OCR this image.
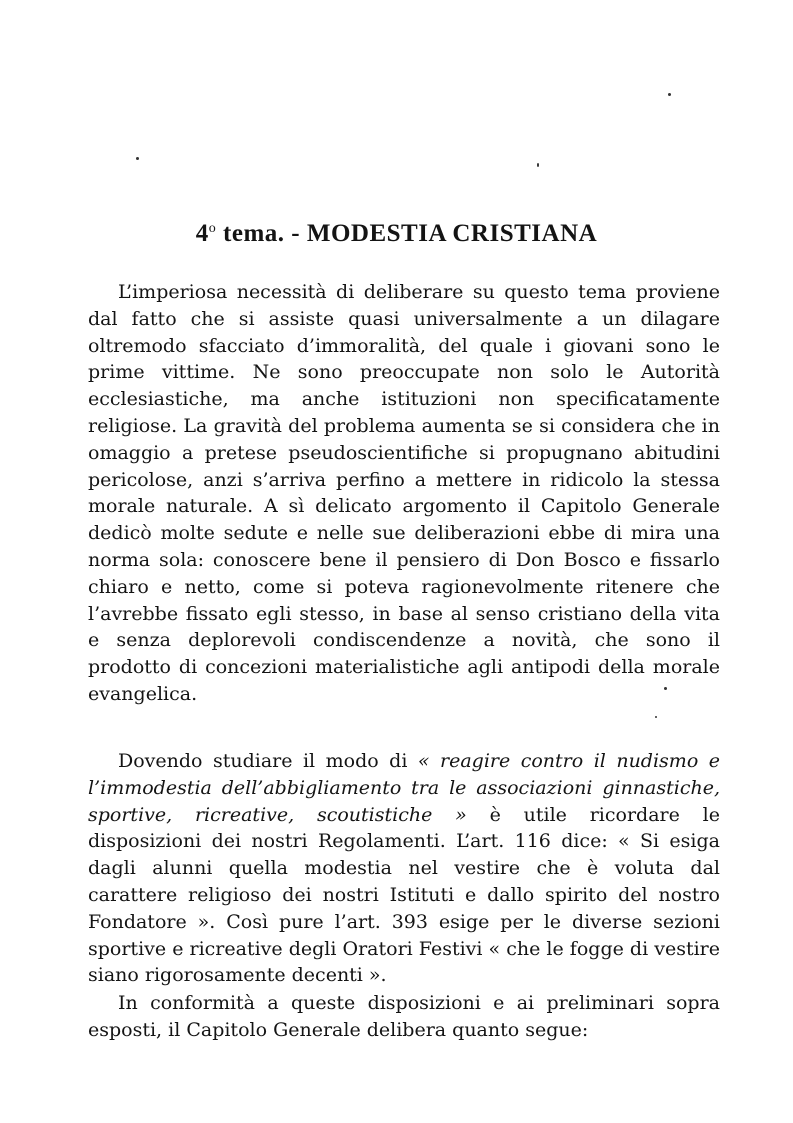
4$^o$ tema. - MODESTIA CRISTIANA

L’imperiosa necessità di deliberare su questo tema proviene dal fatto che si assiste quasi universalmente a un dilagare oltremodo sfacciato d’immoralità, del quale i giovani sono le prime vittime. Ne sono preoccupate non solo le Autorità ecclesiastiche, ma anche istituzioni non specificatamente religiose. La gravità del problema aumenta se si considera che in omaggio a pretese pseudoscientifiche si propugnano abitudini pericolose, anzi s’arriva perfino a mettere in ridicolo la stessa morale naturale. A sì delicato argomento il Capitolo Generale dedicò molte sedute e nelle sue deliberazioni ebbe di mira una norma sola: conoscere bene il pensiero di Don Bosco e fissarlo chiaro e netto, come si poteva ragionevolmente ritenere che l’avrebbe fissato egli stesso, in base al senso cristiano della vita e senza deplorevoli condiscendenze a novità, che sono il prodotto di concezioni materialistiche agli antipodi della morale evangelica.

Dovendo studiare il modo di « reagire contro il nudismo e l’immodestia dell’abbigliamento tra le associazioni ginnastiche, sportive, ricreative, scoutistiche » è utile ricordare le disposizioni dei nostri Regolamenti. L’art. 116 dice: « Si esiga dagli alunni quella modestia nel vestire che è voluta dal carattere religioso dei nostri Istituti e dallo spirito del nostro Fondatore ». Così pure l’art. 393 esige per le diverse sezioni sportive e ricreative degli Oratori Festivi « che le fogge di vestire siano rigorosamente decenti ».

In conformità a queste disposizioni e ai preliminari sopra esposti, il Capitolo Generale delibera quanto segue:
